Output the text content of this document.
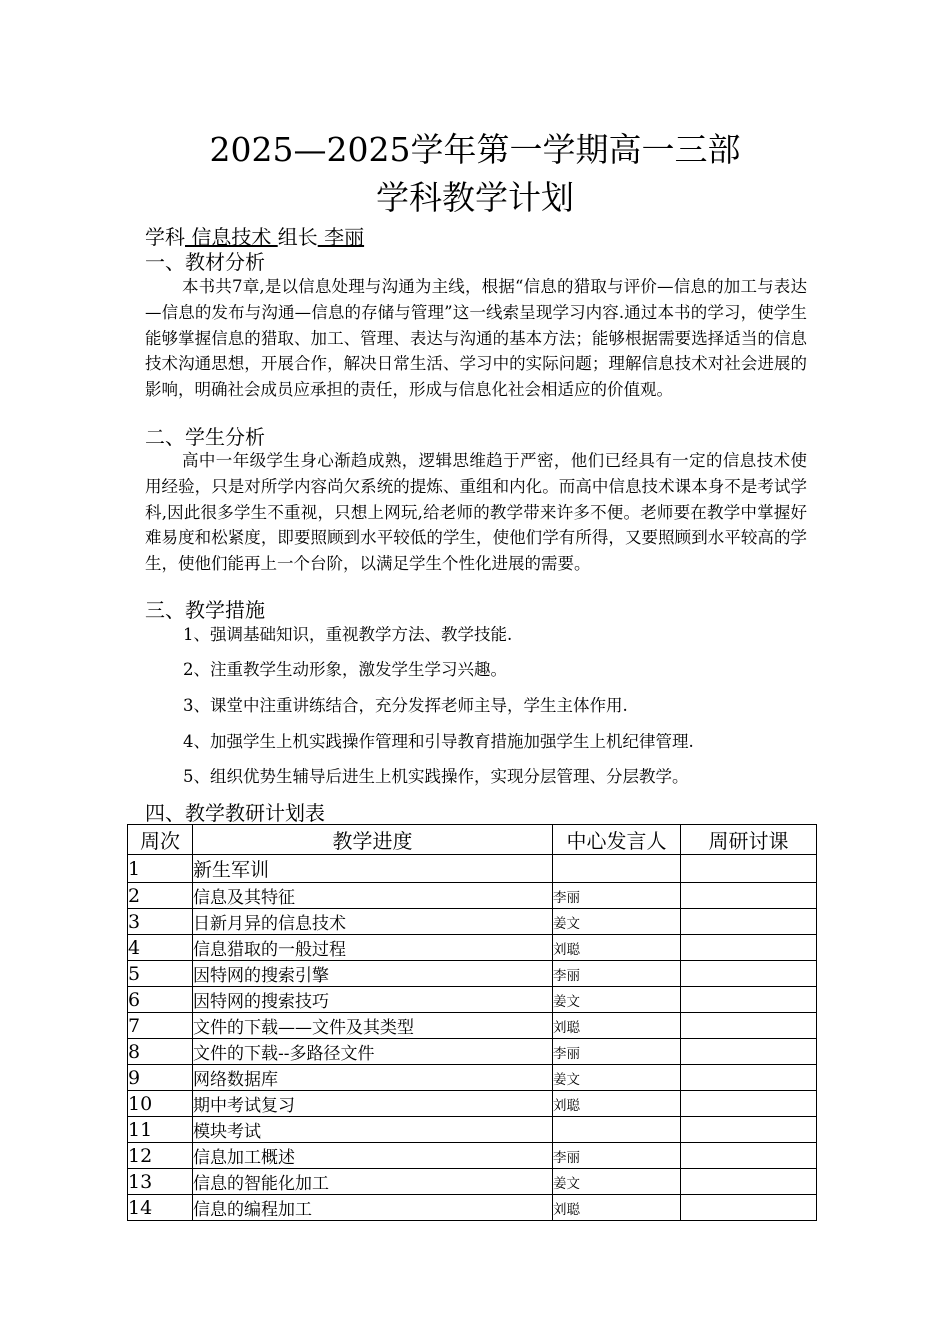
2025—2025学年第一学期高一三部
学科教学计划
学科 信息技术 组长 李丽
一、教材分析

本书共7章,是以信息处理与沟通为主线，根据“信息的猎取与评价—信息的加工与表达—信息的发布与沟通—信息的存储与管理”这一线索呈现学习内容.通过本书的学习，使学生能够掌握信息的猎取、加工、管理、表达与沟通的基本方法；能够根据需要选择适当的信息技术沟通思想，开展合作，解决日常生活、学习中的实际问题；理解信息技术对社会进展的影响，明确社会成员应承担的责任，形成与信息化社会相适应的价值观。

二、学生分析

高中一年级学生身心渐趋成熟，逻辑思维趋于严密，他们已经具有一定的信息技术使用经验，只是对所学内容尚欠系统的提炼、重组和内化。而高中信息技术课本身不是考试学科,因此很多学生不重视，只想上网玩,给老师的教学带来许多不便。老师要在教学中掌握好难易度和松紧度，即要照顾到水平较低的学生，使他们学有所得，又要照顾到水平较高的学生，使他们能再上一个台阶，以满足学生个性化进展的需要。

三、教学措施
1、强调基础知识，重视教学方法、教学技能.
2、注重教学生动形象，激发学生学习兴趣。
3、课堂中注重讲练结合，充分发挥老师主导，学生主体作用.
4、加强学生上机实践操作管理和引导教育措施加强学生上机纪律管理.
5、组织优势生辅导后进生上机实践操作，实现分层管理、分层教学。
四、教学教研计划表
周次	教学进度	中心发言人	周研讨课
1	新生军训		
2	信息及其特征	李丽	
3	日新月异的信息技术	姜文	
4	信息猎取的一般过程	刘聪	
5	因特网的搜索引擎	李丽	
6	因特网的搜索技巧	姜文	
7	文件的下载——文件及其类型	刘聪	
8	文件的下载--多路径文件	李丽	
9	网络数据库	姜文	
10	期中考试复习	刘聪	
11	模块考试		
12	信息加工概述	李丽	
13	信息的智能化加工	姜文	
14	信息的编程加工	刘聪	
